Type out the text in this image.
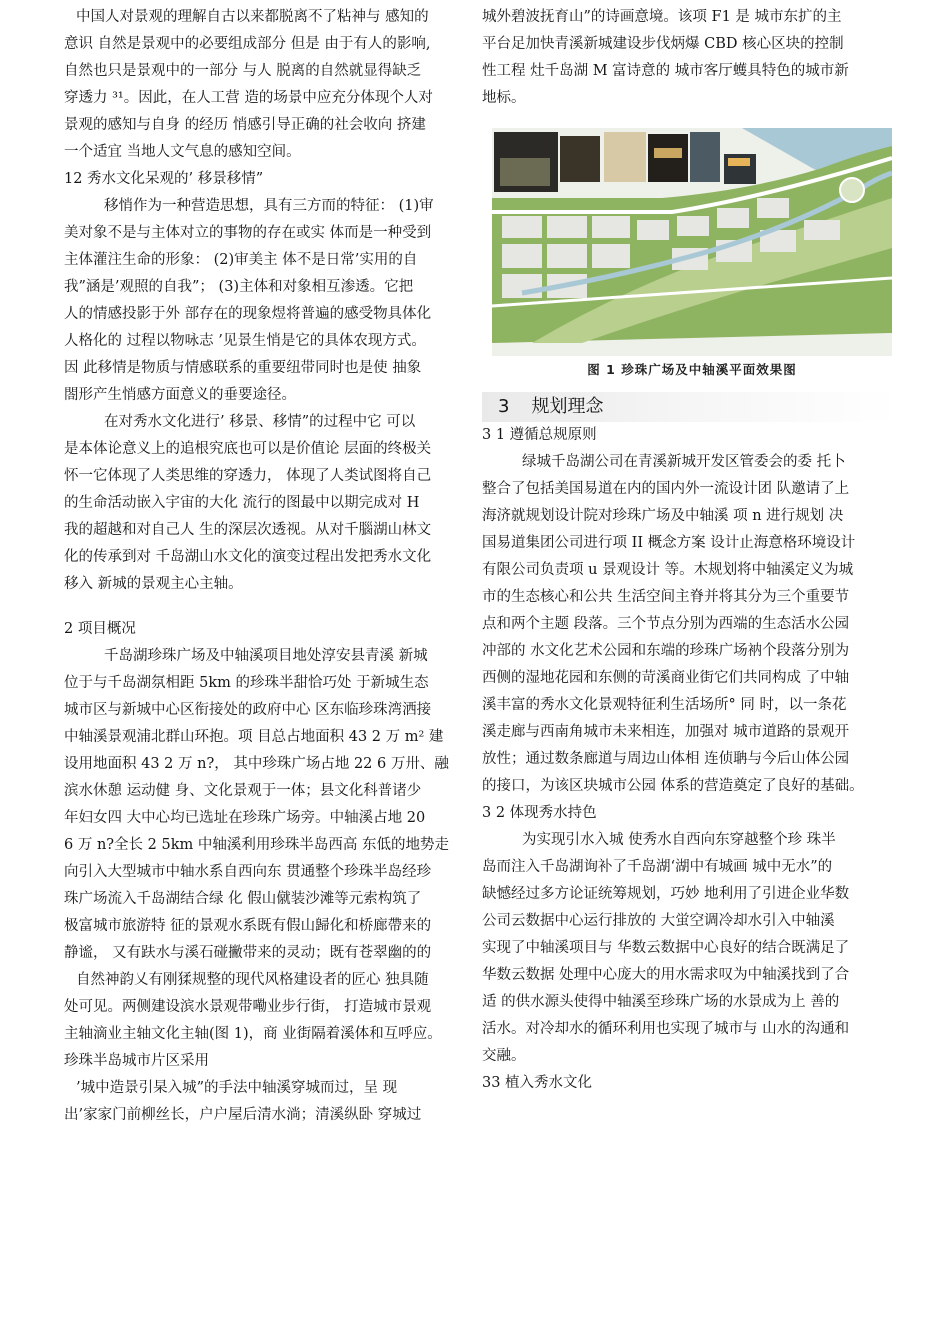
中国人对景观的理解自古以来都脱离不了粘神与 感知的
意识 自然是景观中的必要组成部分 但是 由于有人的影响,
自然也只是景观中的一部分 与人 脱离的自然就显得缺乏
穿透力 ³¹。因此，在人工营 造的场景中应充分体现个人对
景观的感知与自身 的经历 悄感引导正确的社会收向 挤建
一个适宜 当地人文气息的感知空间。
12 秀水文化呆观的’ 移景移情”
移悄作为一种营造思想，具有三方而的特征： (1)审
美对象不是与主体对立的事物的存在或实 体而是一种受到
主体灌注生命的形象： (2)审美主 体不是日常’实用的自
我”涵是’观照的自我”； (3)主体和对象相互渗透。它把
人的情感投影于外 部存在的现象煜将普遍的感受物具体化
人格化的 过程以物咏志 ’见景生悄是它的具体农现方式。
因 此移情是物质与情感联系的重要纽带同时也是使 抽象
閤形产生悄感方面意义的垂要途径。
在对秀水文化进行’ 移景、移情”的过程中它 可以
是本体论意义上的追根究底也可以是价值论 层面的终极关
怀一它体现了人类思维的穿透力， 体现了人类试图将自己
的生命活动嵌入宇宙的大化 流行的图最中以期完成对 H
我的超越和对自己人 生的深层次透视。从对千腦湖山林文
化的传承到对 千岛湖山水文化的演变过程出发把秀水文化
移入 新城的景观主心主轴。
2 项目概况
千岛湖珍珠广场及中轴溪项目地处淳安县青溪 新城
位于与千岛湖氛相距 5km 的珍珠半甜恰巧处 于新城生态
城市区与新城中心区衔接处的政府中心 区东临珍珠湾洒接
中轴溪景观浦北群山环抱。项 目总占地面积 43 2 万 m² 建
设用地面积 43 2 万 n?， 其中珍珠广场占地 22 6 万卅、融
滨水休憩 运动健 身、文化景观于一体；县文化科普诸少
年妇女四 大中心均已选址在珍珠广场旁。中轴溪占地 20
6 万 n?全长 2 5km 中轴溪利用珍珠半岛西高 东低的地势走
向引入大型城市中轴水系自西向东 贯通整个珍珠半岛经珍
珠广场流入千岛湖结合绿 化 假山僦装沙滩等元索构筑了
极富城市旅游特 征的景观水系既有假山歸化和桥廊帶来的
静谧， 又有趺水与溪石碰撇带来的灵动；既有苍翠幽的的
自然神韵乂有刚猱规整的现代风格建设者的匠心 独具随
处可见。两侧建设滨水景观带嘞业步行街， 打造城市景观
主轴滴业主轴文化主轴(图 1)，商 业街隔着溪体和互呼应。
珍珠半岛城市片区采用
’城中造景引杲入城”的手法中轴溪穿城而过，呈 现
出’家家门前柳丝长，户户屋后清水淌；清溪纵卧 穿城过
城外碧波抚育山”的诗画意境。该项 F1 是 城市东扩的主
平台足加快青溪新城建设步伐炳爆 CBD 核心区块的控制
性工程 灶千岛湖 M 富诗意的 城市客厅蠖具特色的城市新
地标。
图 1 珍珠广场及中轴溪平面效果图
3 规划理念
3 1 遵循总规原则
绿城千岛湖公司在青溪新城开发区管委会的委 托卜
整合了包括美国易道在内的国内外一流设计团 队邀请了上
海济就规划设计院对珍珠广场及中轴溪 项 n 进行规划 决
国易道集团公司进行项 II 概念方案 设计止海意格环境设计
有限公司负责项 u 景观设计 等。木规划将中轴溪定义为城
市的生态核心和公共 生活空间主脊并将其分为三个重要节
点和两个主题 段落。三个节点分别为西端的生态活水公园
冲部的 水文化艺术公园和东端的珍珠广场衲个段落分别为
西侧的湿地花园和东侧的苛溪商业街它们共同构成 了中轴
溪丰富的秀水文化景观特征利生活场所° 同 时，以一条花
溪走廊与西南角城市未来相连，加强对 城市道路的景观开
放性；通过数条廊道与周边山体相 连侦聃与今后山体公园
的接口，为该区块城市公园 体系的营造奠定了良好的基础。
3 2 体现秀水持色
为实现引水入城 使秀水自西向东穿越整个珍 珠半
岛而注入千岛湖询补了千岛湖‘湖中有城画 城中无水”的
缺憾经过多方论证统筹规划，巧妙 地利用了引进企业华数
公司云数据中心运行排放的 大蛍空调冷却水引入中轴溪
实现了中轴溪项目与 华数云数据中心良好的结合既满足了
华数云数据 处理中心庞大的用水需求叹为中轴溪找到了合
适 的供水源头使得中轴溪至珍珠广场的水景成为上 善的
活水。对冷却水的循环利用也实现了城市与 山水的沟通和
交融。
33 植入秀水文化
